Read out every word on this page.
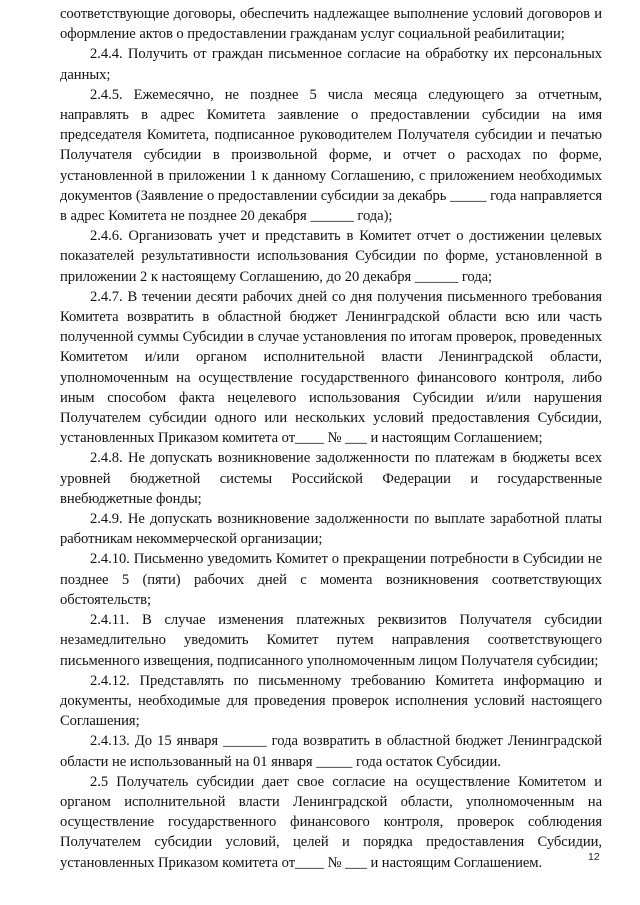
соответствующие договоры, обеспечить надлежащее выполнение условий договоров и оформление актов о предоставлении гражданам услуг социальной реабилитации;

2.4.4. Получить от граждан письменное согласие на обработку их персональных данных;

2.4.5. Ежемесячно, не позднее 5 числа месяца следующего за отчетным, направлять в адрес Комитета заявление о предоставлении субсидии на имя председателя Комитета, подписанное руководителем Получателя субсидии и печатью Получателя субсидии в произвольной форме, и отчет о расходах по форме, установленной в приложении 1 к данному Соглашению, с приложением необходимых документов (Заявление о предоставлении субсидии за декабрь _____ года направляется в адрес Комитета не позднее 20 декабря ______ года);

2.4.6. Организовать учет и представить в Комитет отчет о достижении целевых показателей результативности использования Субсидии по форме, установленной в приложении 2 к настоящему Соглашению, до 20 декабря ______ года;

2.4.7. В течении десяти рабочих дней со дня получения письменного требования Комитета возвратить в областной бюджет Ленинградской области всю или часть полученной суммы Субсидии в случае установления по итогам проверок, проведенных Комитетом и/или органом исполнительной власти Ленинградской области, уполномоченным на осуществление государственного финансового контроля, либо иным способом факта нецелевого использования Субсидии и/или нарушения Получателем субсидии одного или нескольких условий предоставления Субсидии, установленных Приказом комитета от____ № ___ и настоящим Соглашением;

2.4.8. Не допускать возникновение задолженности по платежам в бюджеты всех уровней бюджетной системы Российской Федерации и государственные внебюджетные фонды;

2.4.9. Не допускать возникновение задолженности по выплате заработной платы работникам некоммерческой организации;

2.4.10. Письменно уведомить Комитет о прекращении потребности в Субсидии не позднее 5 (пяти) рабочих дней с момента возникновения соответствующих обстоятельств;

2.4.11. В случае изменения платежных реквизитов Получателя субсидии незамедлительно уведомить Комитет путем направления соответствующего письменного извещения, подписанного уполномоченным лицом Получателя субсидии;

2.4.12. Представлять по письменному требованию Комитета информацию и документы, необходимые для проведения проверок исполнения условий настоящего Соглашения;

2.4.13. До 15 января ______ года возвратить в областной бюджет Ленинградской области не использованный на 01 января _____ года остаток Субсидии.

2.5 Получатель субсидии дает свое согласие на осуществление Комитетом и органом исполнительной власти Ленинградской области, уполномоченным на осуществление государственного финансового контроля, проверок соблюдения Получателем субсидии условий, целей и порядка предоставления Субсидии, установленных Приказом комитета от____ № ___ и настоящим Соглашением.	12
